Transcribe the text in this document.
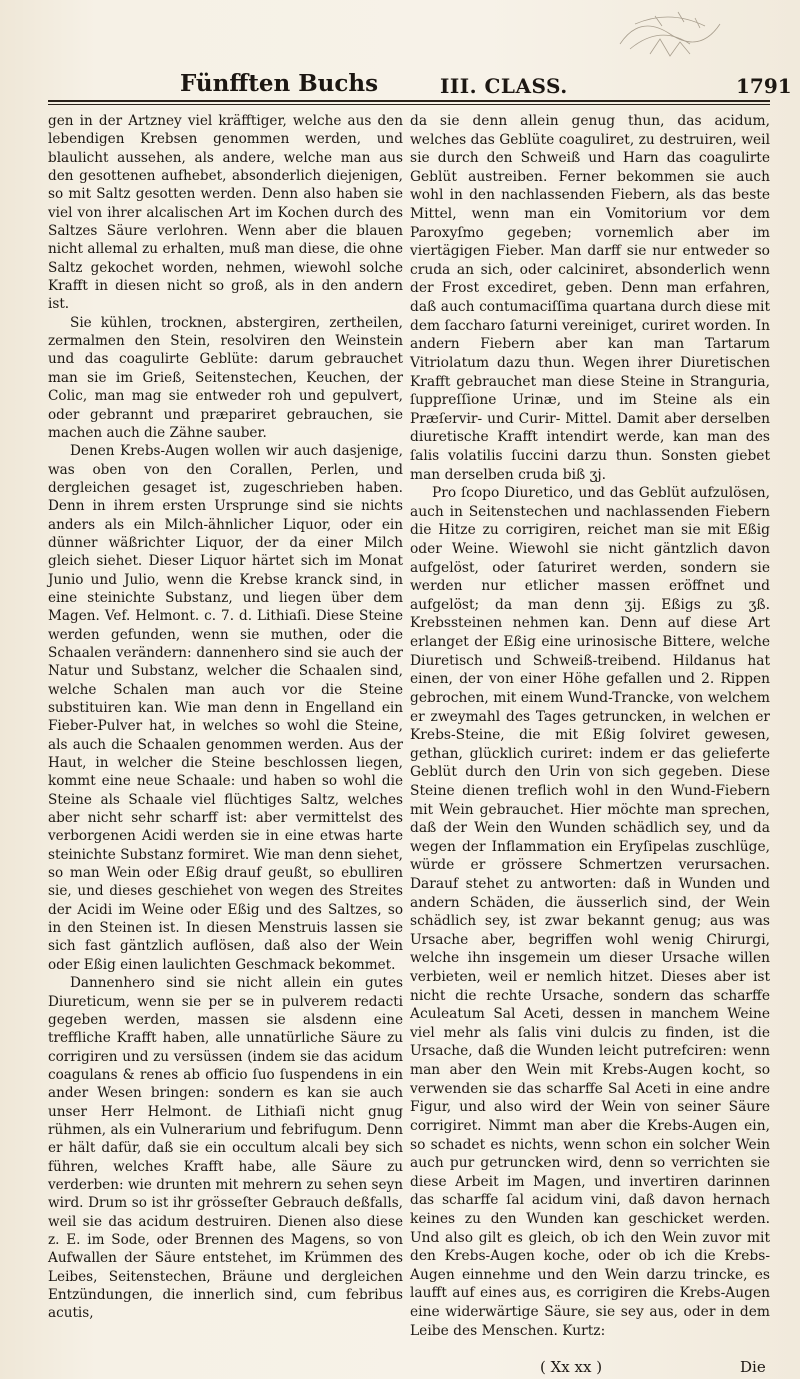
Fünfften Buchs	III. CLASS.	1791

gen in der Artzney viel kräfftiger, welche aus den lebendigen Krebsen genommen werden, und blaulicht aussehen, als andere, welche man aus den gesottenen aufhebet, absonderlich diejenigen, so mit Saltz gesotten werden. Denn also haben sie viel von ihrer alcalischen Art im Kochen durch des Saltzes Säure verlohren. Wenn aber die blauen nicht allemal zu erhalten, muß man diese, die ohne Saltz gekochet worden, nehmen, wiewohl solche Krafft in diesen nicht so groß, als in den andern ist.

Sie kühlen, trocknen, abstergiren, zertheilen, zermalmen den Stein, resolviren den Weinstein und das coagulirte Geblüte: darum gebrauchet man sie im Grieß, Seitenstechen, Keuchen, der Colic, man mag sie entweder roh und gepulvert, oder gebrannt und præpariret gebrauchen, sie machen auch die Zähne sauber.

Denen Krebs-Augen wollen wir auch dasjenige, was oben von den Corallen, Perlen, und dergleichen gesaget ist, zugeschrieben haben. Denn in ihrem ersten Ursprunge sind sie nichts anders als ein Milch-ähnlicher Liquor, oder ein dünner wäßrichter Liquor, der da einer Milch gleich siehet. Dieser Liquor härtet sich im Monat Junio und Julio, wenn die Krebse kranck sind, in eine steinichte Substanz, und liegen über dem Magen. Vef. Helmont. c. 7. d. Lithiaſi. Diese Steine werden gefunden, wenn sie muthen, oder die Schaalen verändern: dannenhero sind sie auch der Natur und Substanz, welcher die Schaalen sind, welche Schalen man auch vor die Steine substituiren kan. Wie man denn in Engelland ein Fieber-Pulver hat, in welches so wohl die Steine, als auch die Schaalen genommen werden. Aus der Haut, in welcher die Steine beschlossen liegen, kommt eine neue Schaale: und haben so wohl die Steine als Schaale viel flüchtiges Saltz, welches aber nicht sehr scharff ist: aber vermittelst des verborgenen Acidi werden sie in eine etwas harte steinichte Substanz formiret. Wie man denn siehet, so man Wein oder Eßig drauf geußt, so ebulliren sie, und dieses geschiehet von wegen des Streites der Acidi im Weine oder Eßig und des Saltzes, so in den Steinen ist. In diesen Menstruis lassen sie sich fast gäntzlich auflösen, daß also der Wein oder Eßig einen laulichten Geschmack bekommet.

Dannenhero sind sie nicht allein ein gutes Diureticum, wenn sie per se in pulverem redacti gegeben werden, massen sie alsdenn eine treffliche Krafft haben, alle unnatürliche Säure zu corrigiren und zu versüssen (indem sie das acidum coagulans & renes ab officio ſuo ſuspendens in ein ander Wesen bringen: sondern es kan sie auch unser Herr Helmont. de Lithiaſi nicht gnug rühmen, als ein Vulnerarium und febrifugum. Denn er hält dafür, daß sie ein occultum alcali bey sich führen, welches Krafft habe, alle Säure zu verderben: wie drunten mit mehrern zu sehen seyn wird. Drum so ist ihr grösseſter Gebrauch deßfalls, weil sie das acidum destruiren. Dienen also diese z. E. im Sode, oder Brennen des Magens, so von Aufwallen der Säure entstehet, im Krümmen des Leibes, Seitenstechen, Bräune und dergleichen Entzündungen, die innerlich sind, cum febribus acutis,

da sie denn allein genug thun, das acidum, welches das Geblüte coaguliret, zu destruiren, weil sie durch den Schweiß und Harn das coagulirte Geblüt austreiben. Ferner bekommen sie auch wohl in den nachlassenden Fiebern, als das beste Mittel, wenn man ein Vomitorium vor dem Paroxyſmo gegeben; vornemlich aber im viertägigen Fieber. Man darff sie nur entweder so cruda an sich, oder calciniret, absonderlich wenn der Frost excediret, geben. Denn man erfahren, daß auch contumaciſſima quartana durch diese mit dem ſaccharo ſaturni vereiniget, curiret worden. In andern Fiebern aber kan man Tartarum Vitriolatum dazu thun. Wegen ihrer Diuretischen Krafft gebrauchet man diese Steine in Stranguria, ſuppreſſione Urinæ, und im Steine als ein Præſervir- und Curir- Mittel. Damit aber derselben diuretische Krafft intendirt werde, kan man des ſalis volatilis ſuccini darzu thun. Sonsten giebet man derselben cruda biß ʒj.

Pro ſcopo Diuretico, und das Geblüt aufzulösen, auch in Seitenstechen und nachlassenden Fiebern die Hitze zu corrigiren, reichet man sie mit Eßig oder Weine. Wiewohl sie nicht gäntzlich davon aufgelöst, oder ſaturiret werden, sondern sie werden nur etlicher massen eröffnet und aufgelöst; da man denn ʒij. Eßigs zu ʒß. Krebssteinen nehmen kan. Denn auf diese Art erlanget der Eßig eine urinosische Bittere, welche Diuretisch und Schweiß-treibend. Hildanus hat einen, der von einer Höhe gefallen und 2. Rippen gebrochen, mit einem Wund-Trancke, von welchem er zweymahl des Tages getruncken, in welchen er Krebs-Steine, die mit Eßig ſolviret gewesen, gethan, glücklich curiret: indem er das gelieferte Geblüt durch den Urin von sich gegeben. Diese Steine dienen treflich wohl in den Wund-Fiebern mit Wein gebrauchet. Hier möchte man sprechen, daß der Wein den Wunden schädlich sey, und da wegen der Inflammation ein Eryſipelas zuschlüge, würde er grössere Schmertzen verursachen. Darauf stehet zu antworten: daß in Wunden und andern Schäden, die äusserlich sind, der Wein schädlich sey, ist zwar bekannt genug; aus was Ursache aber, begriffen wohl wenig Chirurgi, welche ihn insgemein um dieser Ursache willen verbieten, weil er nemlich hitzet. Dieses aber ist nicht die rechte Ursache, sondern das scharffe Aculeatum Sal Aceti, dessen in manchem Weine viel mehr als ſalis vini dulcis zu finden, ist die Ursache, daß die Wunden leicht putrefciren: wenn man aber den Wein mit Krebs-Augen kocht, so verwenden sie das scharffe Sal Aceti in eine andre Figur, und also wird der Wein von seiner Säure corrigiret. Nimmt man aber die Krebs-Augen ein, so schadet es nichts, wenn schon ein solcher Wein auch pur getruncken wird, denn so verrichten sie diese Arbeit im Magen, und invertiren darinnen das scharffe ſal acidum vini, daß davon hernach keines zu den Wunden kan geschicket werden. Und also gilt es gleich, ob ich den Wein zuvor mit den Krebs-Augen koche, oder ob ich die Krebs-Augen einnehme und den Wein darzu trincke, es laufft auf eines aus, es corrigiren die Krebs-Augen eine widerwärtige Säure, sie sey aus, oder in dem Leibe des Menschen. Kurtz:

( Xx xx )	Die
